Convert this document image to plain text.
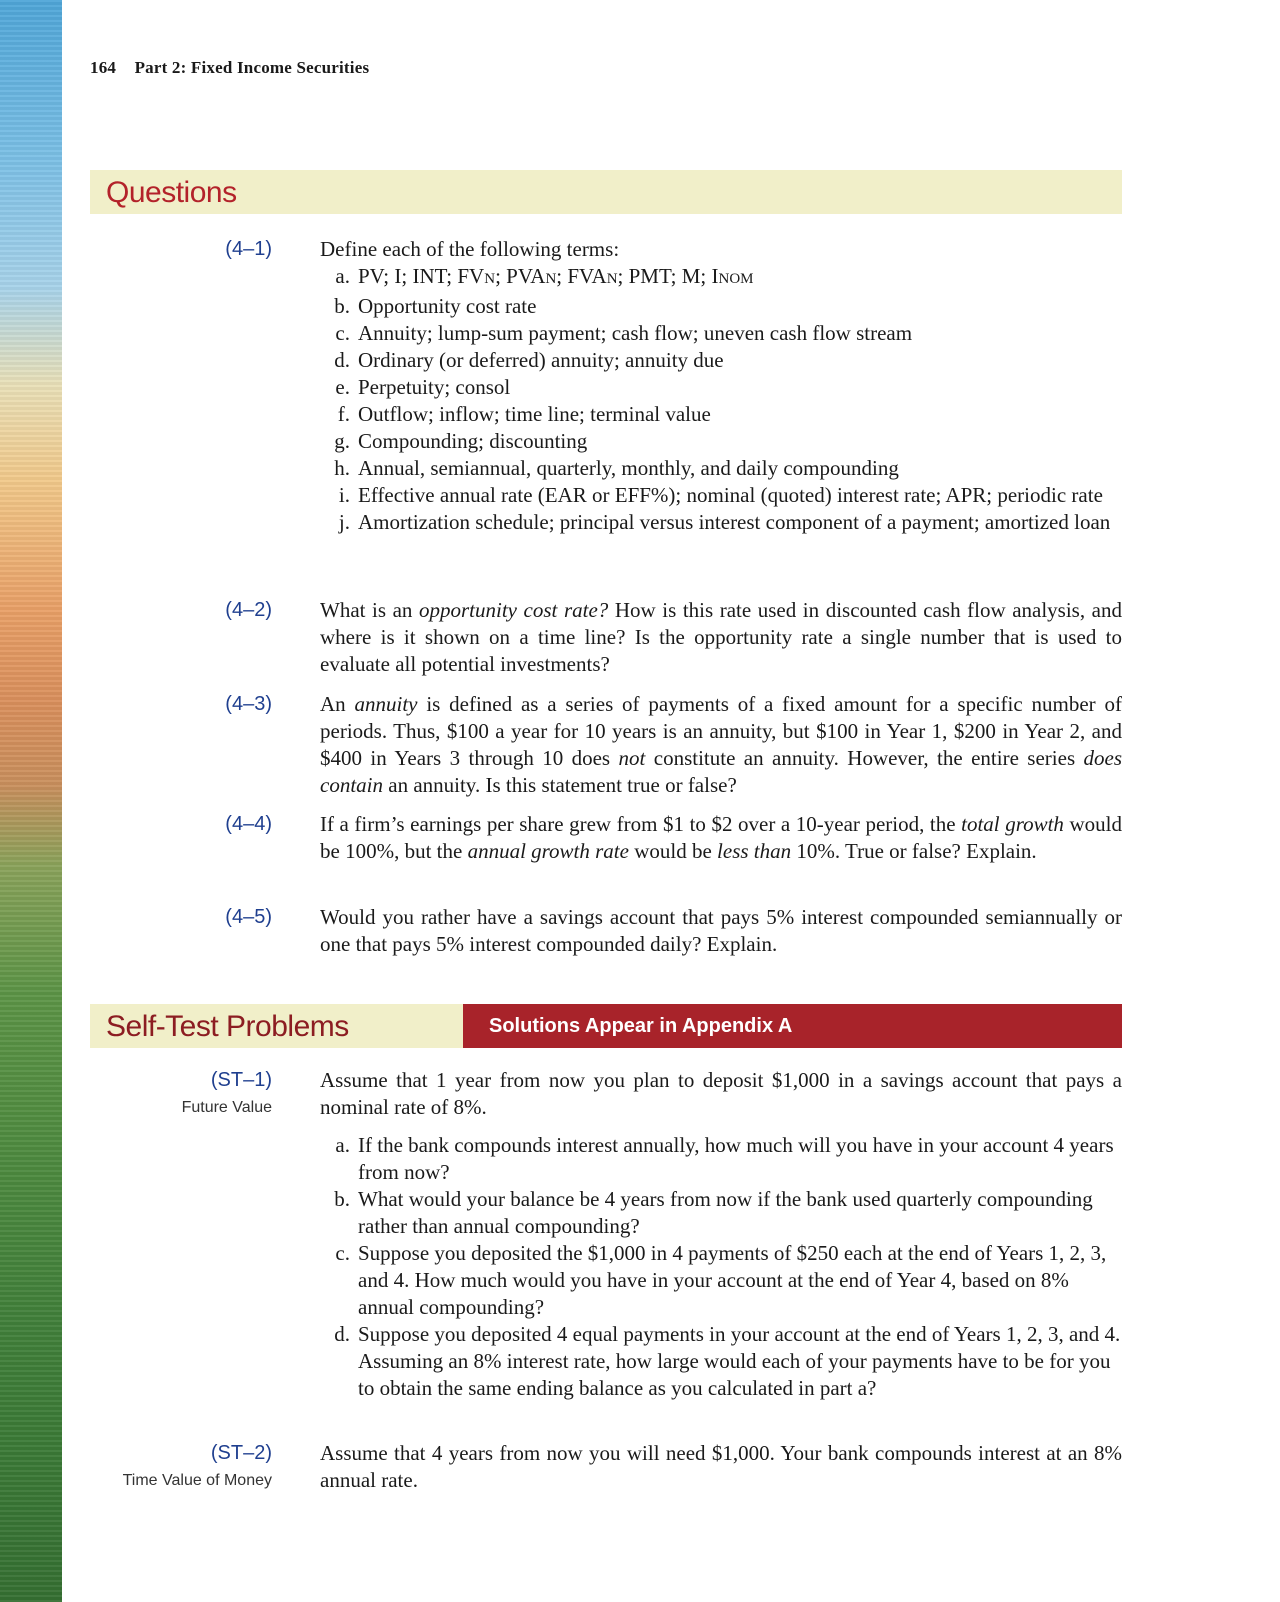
164 Part 2: Fixed Income Securities
Questions
(4–1) Define each of the following terms:

a. PV; I; INT; FVN; PVAN; FVAN; PMT; M; INOM
b. Opportunity cost rate
c. Annuity; lump-sum payment; cash flow; uneven cash flow stream
d. Ordinary (or deferred) annuity; annuity due
e. Perpetuity; consol
f. Outflow; inflow; time line; terminal value
g. Compounding; discounting
h. Annual, semiannual, quarterly, monthly, and daily compounding
i. Effective annual rate (EAR or EFF%); nominal (quoted) interest rate; APR; periodic rate
j. Amortization schedule; principal versus interest component of a payment; amortized loan
(4–2) What is an opportunity cost rate? How is this rate used in discounted cash flow analysis, and where is it shown on a time line? Is the opportunity rate a single number that is used to evaluate all potential investments?

(4–3) An annuity is defined as a series of payments of a fixed amount for a specific number of periods. Thus, $100 a year for 10 years is an annuity, but $100 in Year 1, $200 in Year 2, and $400 in Years 3 through 10 does not constitute an annuity. However, the entire series does contain an annuity. Is this statement true or false?

(4–4) If a firm’s earnings per share grew from $1 to $2 over a 10-year period, the total growth would be 100%, but the annual growth rate would be less than 10%. True or false? Explain.

(4–5) Would you rather have a savings account that pays 5% interest compounded semiannually or one that pays 5% interest compounded daily? Explain.

Self-Test Problems	Solutions Appear in Appendix A
(ST–1)
Future Value

Assume that 1 year from now you plan to deposit $1,000 in a savings account that pays a nominal rate of 8%.

a. If the bank compounds interest annually, how much will you have in your account 4 years from now?
b. What would your balance be 4 years from now if the bank used quarterly compounding rather than annual compounding?
c. Suppose you deposited the $1,000 in 4 payments of $250 each at the end of Years 1, 2, 3, and 4. How much would you have in your account at the end of Year 4, based on 8% annual compounding?
d. Suppose you deposited 4 equal payments in your account at the end of Years 1, 2, 3, and 4. Assuming an 8% interest rate, how large would each of your payments have to be for you to obtain the same ending balance as you calculated in part a?
(ST–2)
Time Value of Money

Assume that 4 years from now you will need $1,000. Your bank compounds interest at an 8% annual rate.
